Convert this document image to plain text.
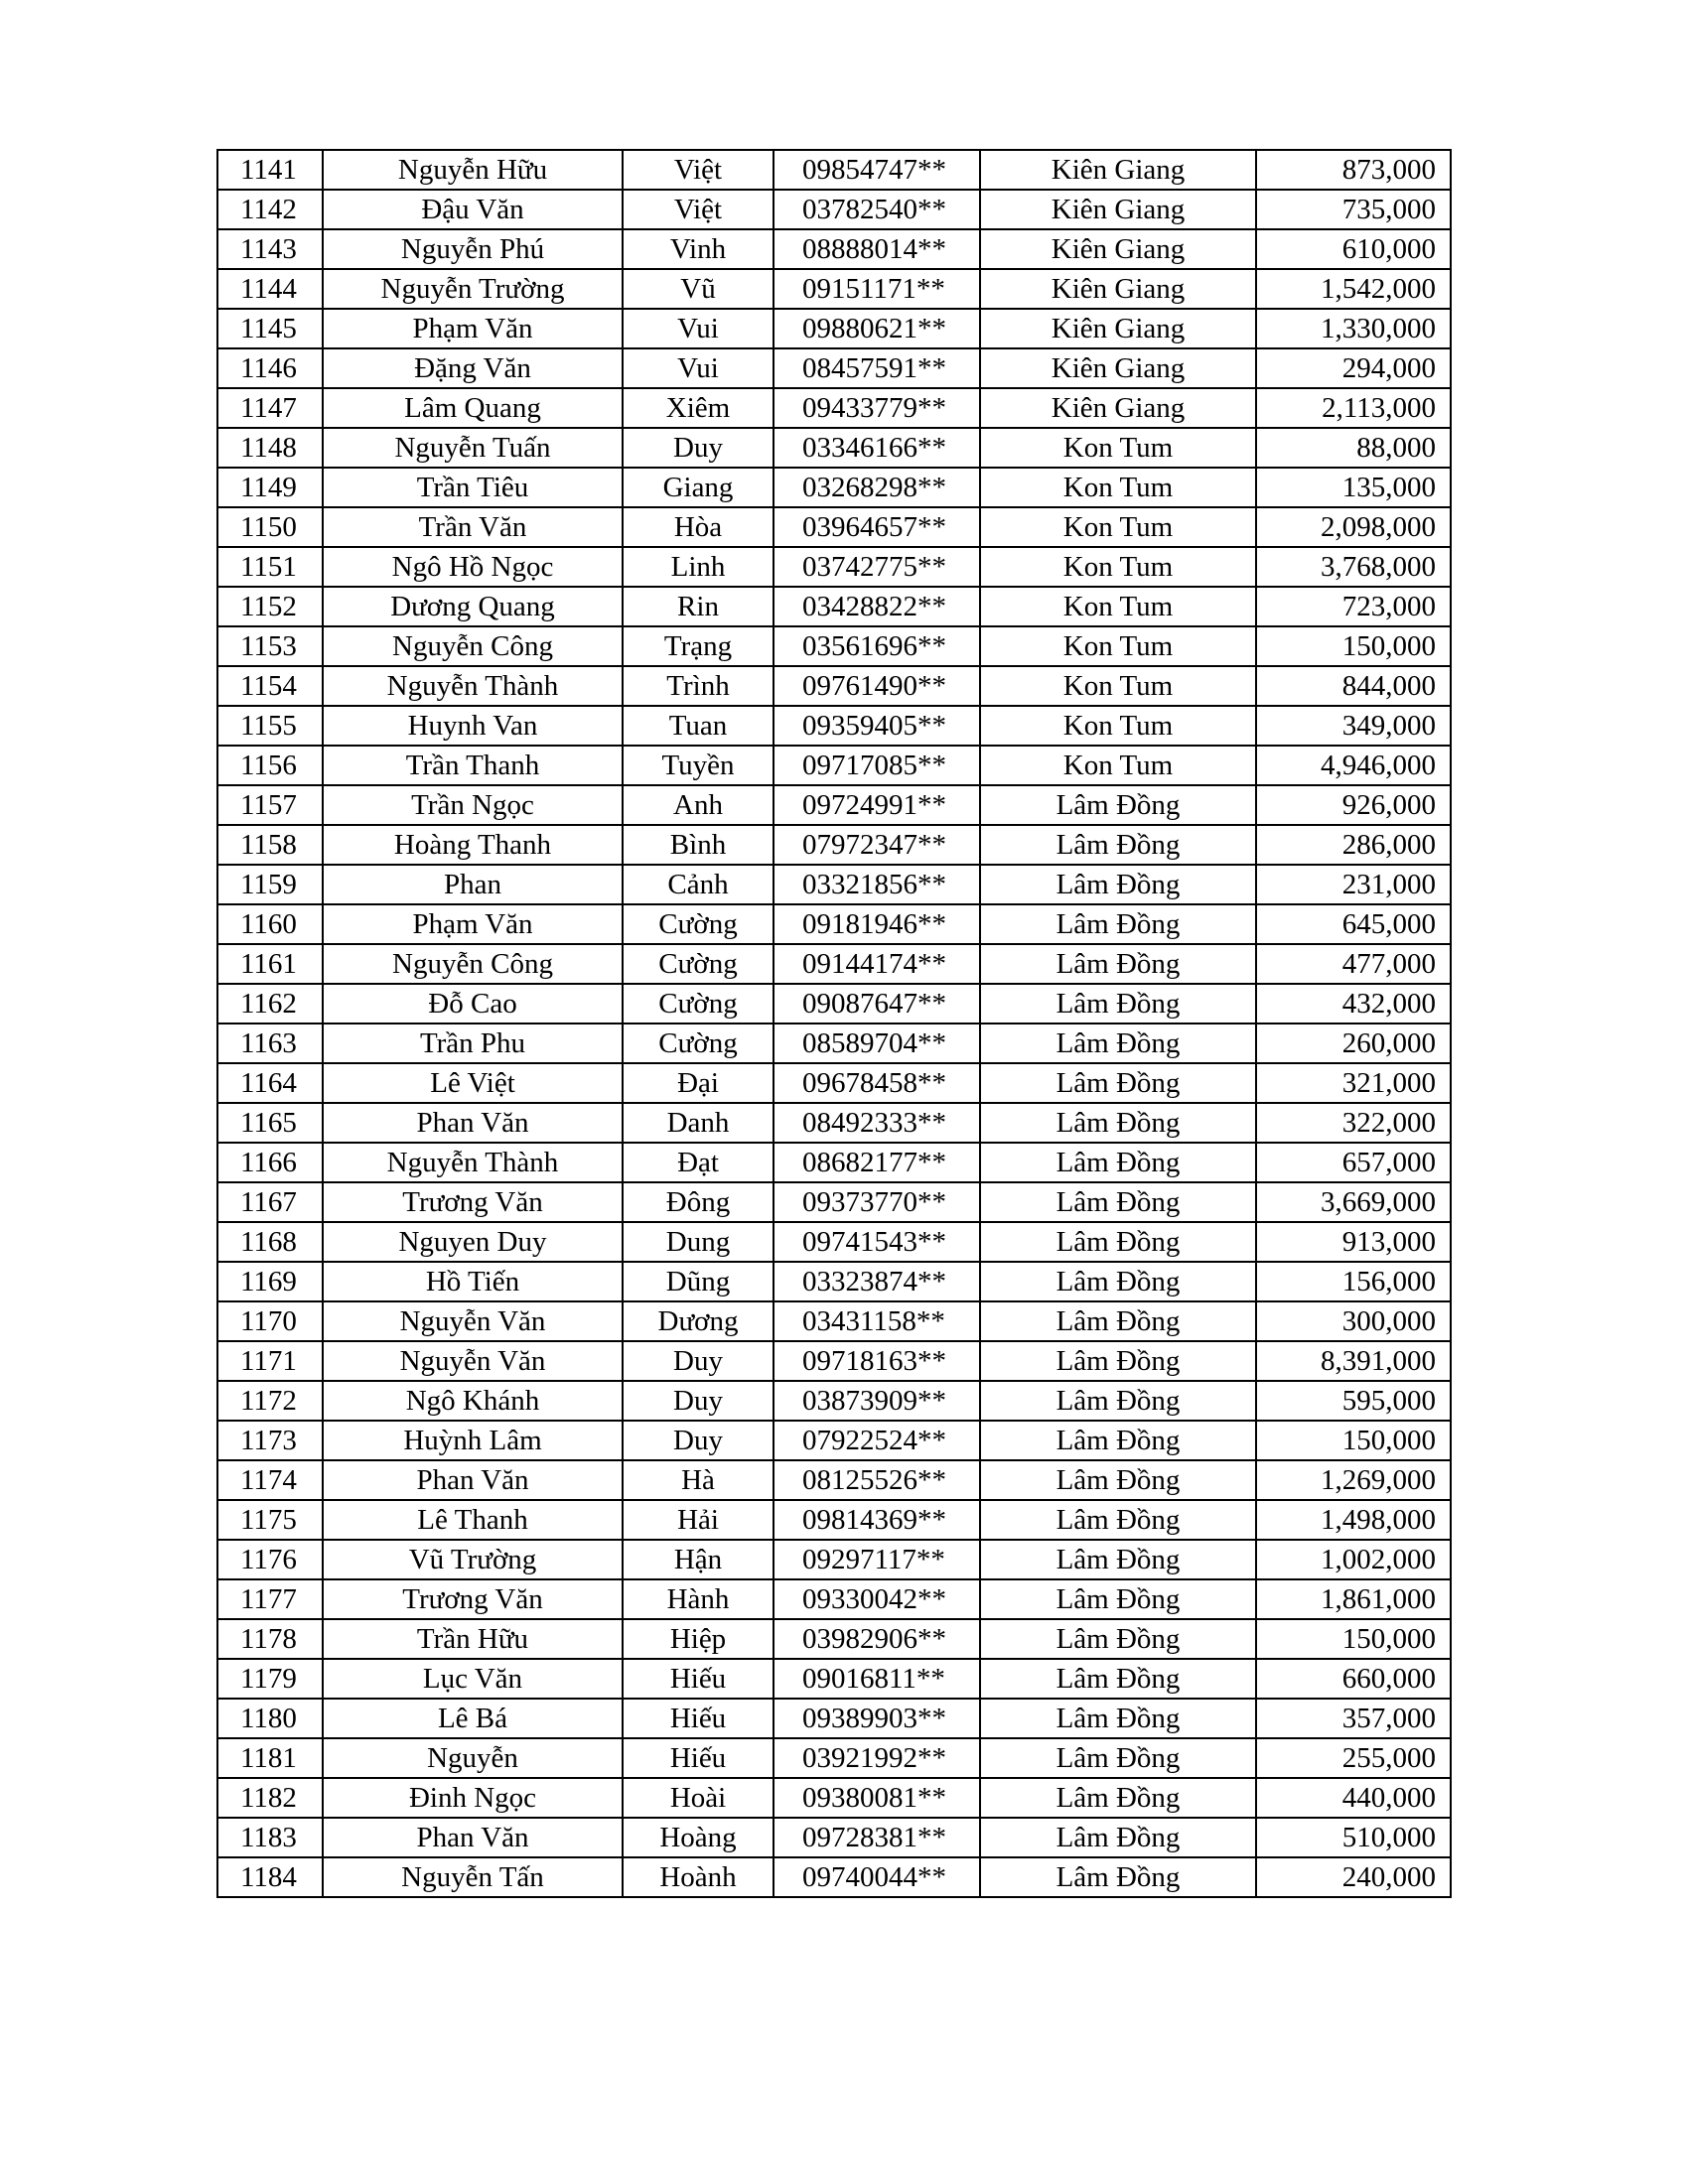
1141	Nguyễn Hữu	Việt	09854747**	Kiên Giang	873,000
1142	Đậu Văn	Việt	03782540**	Kiên Giang	735,000
1143	Nguyễn Phú	Vinh	08888014**	Kiên Giang	610,000
1144	Nguyễn Trường	Vũ	09151171**	Kiên Giang	1,542,000
1145	Phạm Văn	Vui	09880621**	Kiên Giang	1,330,000
1146	Đặng Văn	Vui	08457591**	Kiên Giang	294,000
1147	Lâm Quang	Xiêm	09433779**	Kiên Giang	2,113,000
1148	Nguyễn Tuấn	Duy	03346166**	Kon Tum	88,000
1149	Trần Tiêu	Giang	03268298**	Kon Tum	135,000
1150	Trần Văn	Hòa	03964657**	Kon Tum	2,098,000
1151	Ngô Hồ Ngọc	Linh	03742775**	Kon Tum	3,768,000
1152	Dương Quang	Rin	03428822**	Kon Tum	723,000
1153	Nguyễn Công	Trạng	03561696**	Kon Tum	150,000
1154	Nguyễn Thành	Trình	09761490**	Kon Tum	844,000
1155	Huynh Van	Tuan	09359405**	Kon Tum	349,000
1156	Trần Thanh	Tuyền	09717085**	Kon Tum	4,946,000
1157	Trần Ngọc	Anh	09724991**	Lâm Đồng	926,000
1158	Hoàng Thanh	Bình	07972347**	Lâm Đồng	286,000
1159	Phan	Cảnh	03321856**	Lâm Đồng	231,000
1160	Phạm Văn	Cường	09181946**	Lâm Đồng	645,000
1161	Nguyễn Công	Cường	09144174**	Lâm Đồng	477,000
1162	Đỗ Cao	Cường	09087647**	Lâm Đồng	432,000
1163	Trần Phu	Cường	08589704**	Lâm Đồng	260,000
1164	Lê Việt	Đại	09678458**	Lâm Đồng	321,000
1165	Phan Văn	Danh	08492333**	Lâm Đồng	322,000
1166	Nguyễn Thành	Đạt	08682177**	Lâm Đồng	657,000
1167	Trương Văn	Đông	09373770**	Lâm Đồng	3,669,000
1168	Nguyen Duy	Dung	09741543**	Lâm Đồng	913,000
1169	Hồ Tiến	Dũng	03323874**	Lâm Đồng	156,000
1170	Nguyễn Văn	Dương	03431158**	Lâm Đồng	300,000
1171	Nguyễn Văn	Duy	09718163**	Lâm Đồng	8,391,000
1172	Ngô Khánh	Duy	03873909**	Lâm Đồng	595,000
1173	Huỳnh Lâm	Duy	07922524**	Lâm Đồng	150,000
1174	Phan Văn	Hà	08125526**	Lâm Đồng	1,269,000
1175	Lê Thanh	Hải	09814369**	Lâm Đồng	1,498,000
1176	Vũ Trường	Hận	09297117**	Lâm Đồng	1,002,000
1177	Trương Văn	Hành	09330042**	Lâm Đồng	1,861,000
1178	Trần Hữu	Hiệp	03982906**	Lâm Đồng	150,000
1179	Lục Văn	Hiếu	09016811**	Lâm Đồng	660,000
1180	Lê Bá	Hiếu	09389903**	Lâm Đồng	357,000
1181	Nguyễn	Hiếu	03921992**	Lâm Đồng	255,000
1182	Đinh Ngọc	Hoài	09380081**	Lâm Đồng	440,000
1183	Phan Văn	Hoàng	09728381**	Lâm Đồng	510,000
1184	Nguyễn Tấn	Hoành	09740044**	Lâm Đồng	240,000
